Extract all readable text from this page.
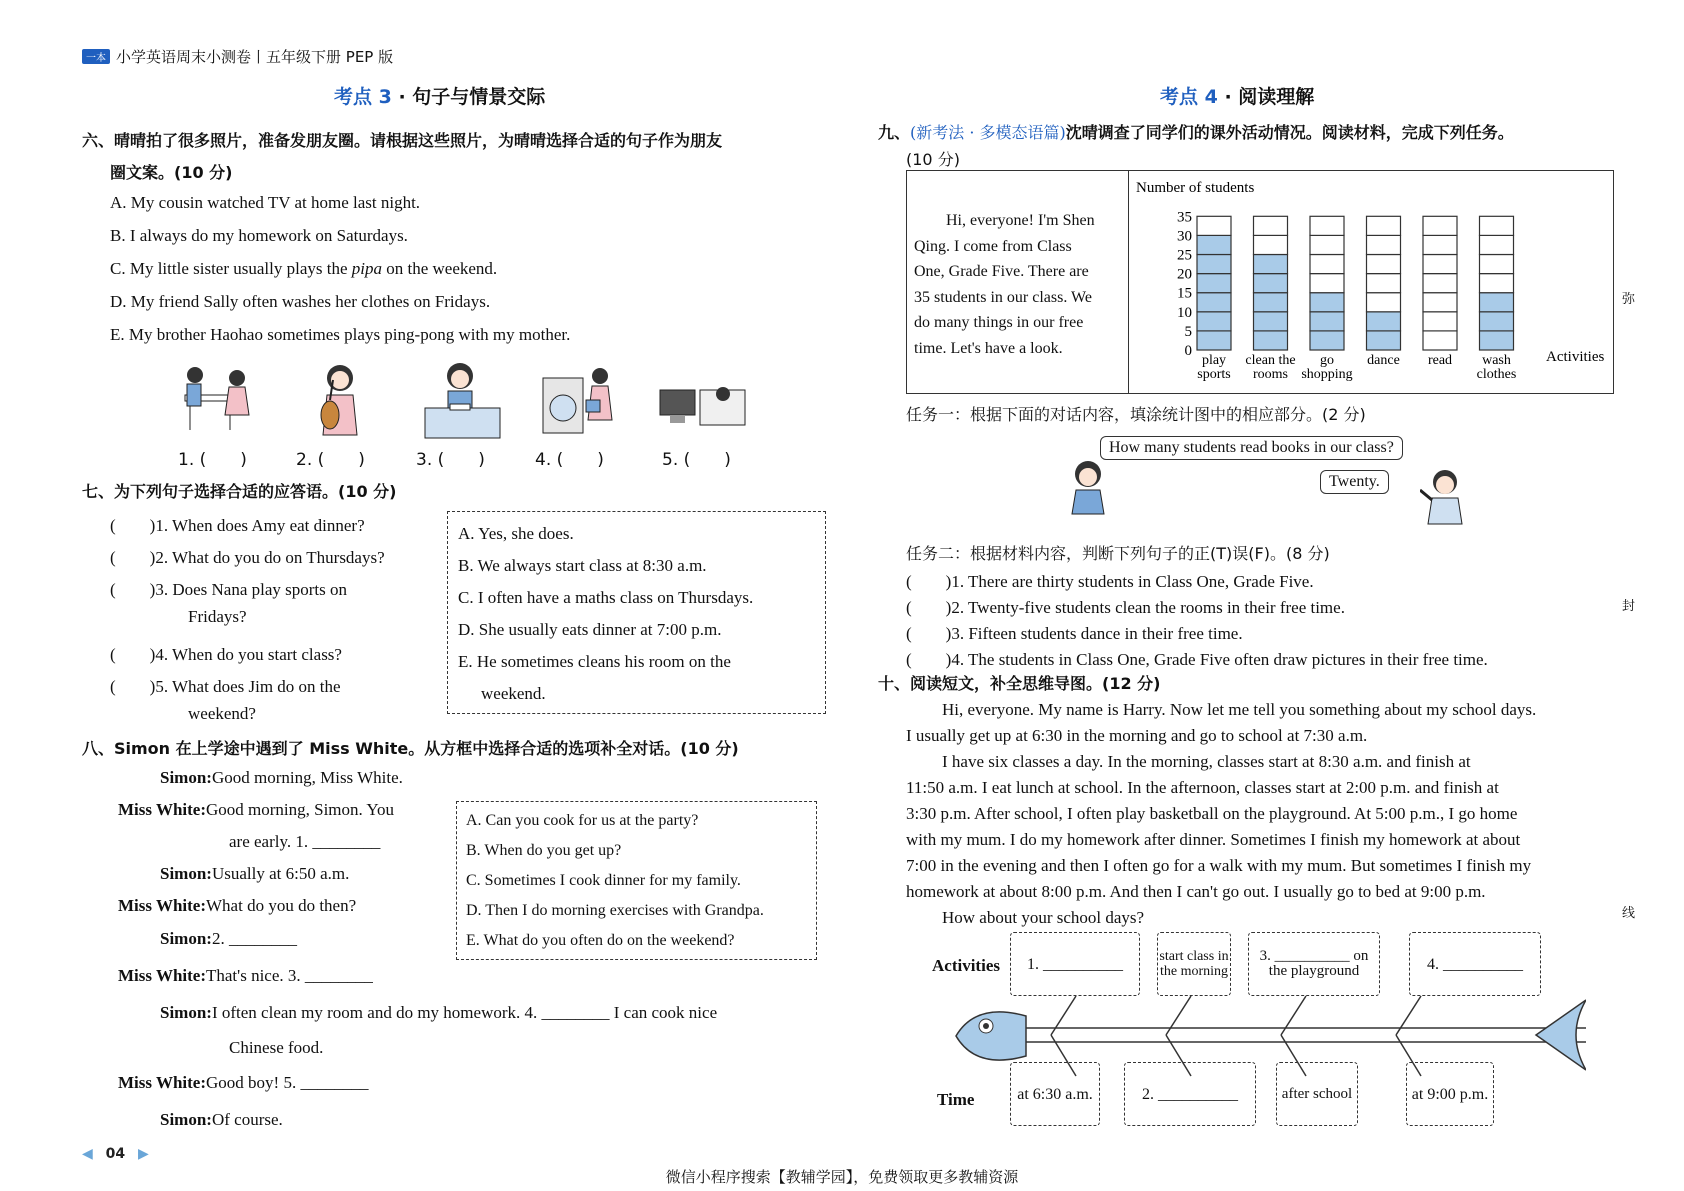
一本 小学英语周末小测卷丨五年级下册 PEP 版
考点 3 · 句子与情景交际
六、晴晴拍了很多照片，准备发朋友圈。请根据这些照片，为晴晴选择合适的句子作为朋友
圈文案。(10 分)
A. My cousin watched TV at home last night.
B. I always do my homework on Saturdays.
C. My little sister usually plays the pipa on the weekend.
D. My friend Sally often washes her clothes on Fridays.
E. My brother Haohao sometimes plays ping-pong with my mother.
1. (　　)	2. (　　)	3. (　　)	4. (　　)	5. (　　)
七、为下列句子选择合适的应答语。(10 分)
(　　)1. When does Amy eat dinner?
(　　)2. What do you do on Thursdays?
(　　)3. Does Nana play sports on
Fridays?
(　　)4. When do you start class?
(　　)5. What does Jim do on the
weekend?
A. Yes, she does.
B. We always start class at 8:30 a.m.
C. I often have a maths class on Thursdays.
D. She usually eats dinner at 7:00 p.m.
E. He sometimes cleans his room on the
weekend.
八、Simon 在上学途中遇到了 Miss White。从方框中选择合适的选项补全对话。(10 分)
Simon:Good morning, Miss White.
Miss White:Good morning, Simon. You
are early. 1. ________
Simon:Usually at 6:50 a.m.
Miss White:What do you do then?
Simon:2. ________
Miss White:That's nice. 3. ________
Simon:I often clean my room and do my homework. 4. ________ I can cook nice
Chinese food.
Miss White:Good boy! 5. ________
Simon:Of course.
A. Can you cook for us at the party?
B. When do you get up?
C. Sometimes I cook dinner for my family.
D. Then I do morning exercises with Grandpa.
E. What do you often do on the weekend?
◀ 04 ▶
考点 4 · 阅读理解
九、(新考法 · 多模态语篇)沈晴调查了同学们的课外活动情况。阅读材料，完成下列任务。
(10 分)
Hi, everyone! I'm Shen
Qing. I come from Class
One, Grade Five. There are
35 students in our class. We
do many things in our free
time. Let's have a look.	0
5
10
15
20
25
30
35
play
sports
clean the
rooms
go
shopping
dance read wash
clothes
Number of students
Activities
任务一：根据下面的对话内容，填涂统计图中的相应部分。(2 分)
How many students read books in our class?
Twenty.
任务二：根据材料内容，判断下列句子的正(T)误(F)。(8 分)
(　　)1. There are thirty students in Class One, Grade Five.
(　　)2. Twenty-five students clean the rooms in their free time.
(　　)3. Fifteen students dance in their free time.
(　　)4. The students in Class One, Grade Five often draw pictures in their free time.
十、阅读短文，补全思维导图。(12 分)
Hi, everyone. My name is Harry. Now let me tell you something about my school days.
I usually get up at 6:30 in the morning and go to school at 7:30 a.m.
I have six classes a day. In the morning, classes start at 8:30 a.m. and finish at
11:50 a.m. I eat lunch at school. In the afternoon, classes start at 2:00 p.m. and finish at
3:30 p.m. After school, I often play basketball on the playground. At 5:00 p.m., I go home
with my mum. I do my homework after dinner. Sometimes I finish my homework at about
7:00 in the evening and then I often go for a walk with my mum. But sometimes I finish my
homework at about 8:00 p.m. And then I can't go out. I usually go to bed at 9:00 p.m.
How about your school days?
Activities
Time
1. __________	start class in the morning
3. __________ on the playground	4. __________
at 6:30 a.m.	2. __________	after school	at 9:00 p.m.
弥
封
线
微信小程序搜索【教辅学园】，免费领取更多教辅资源
